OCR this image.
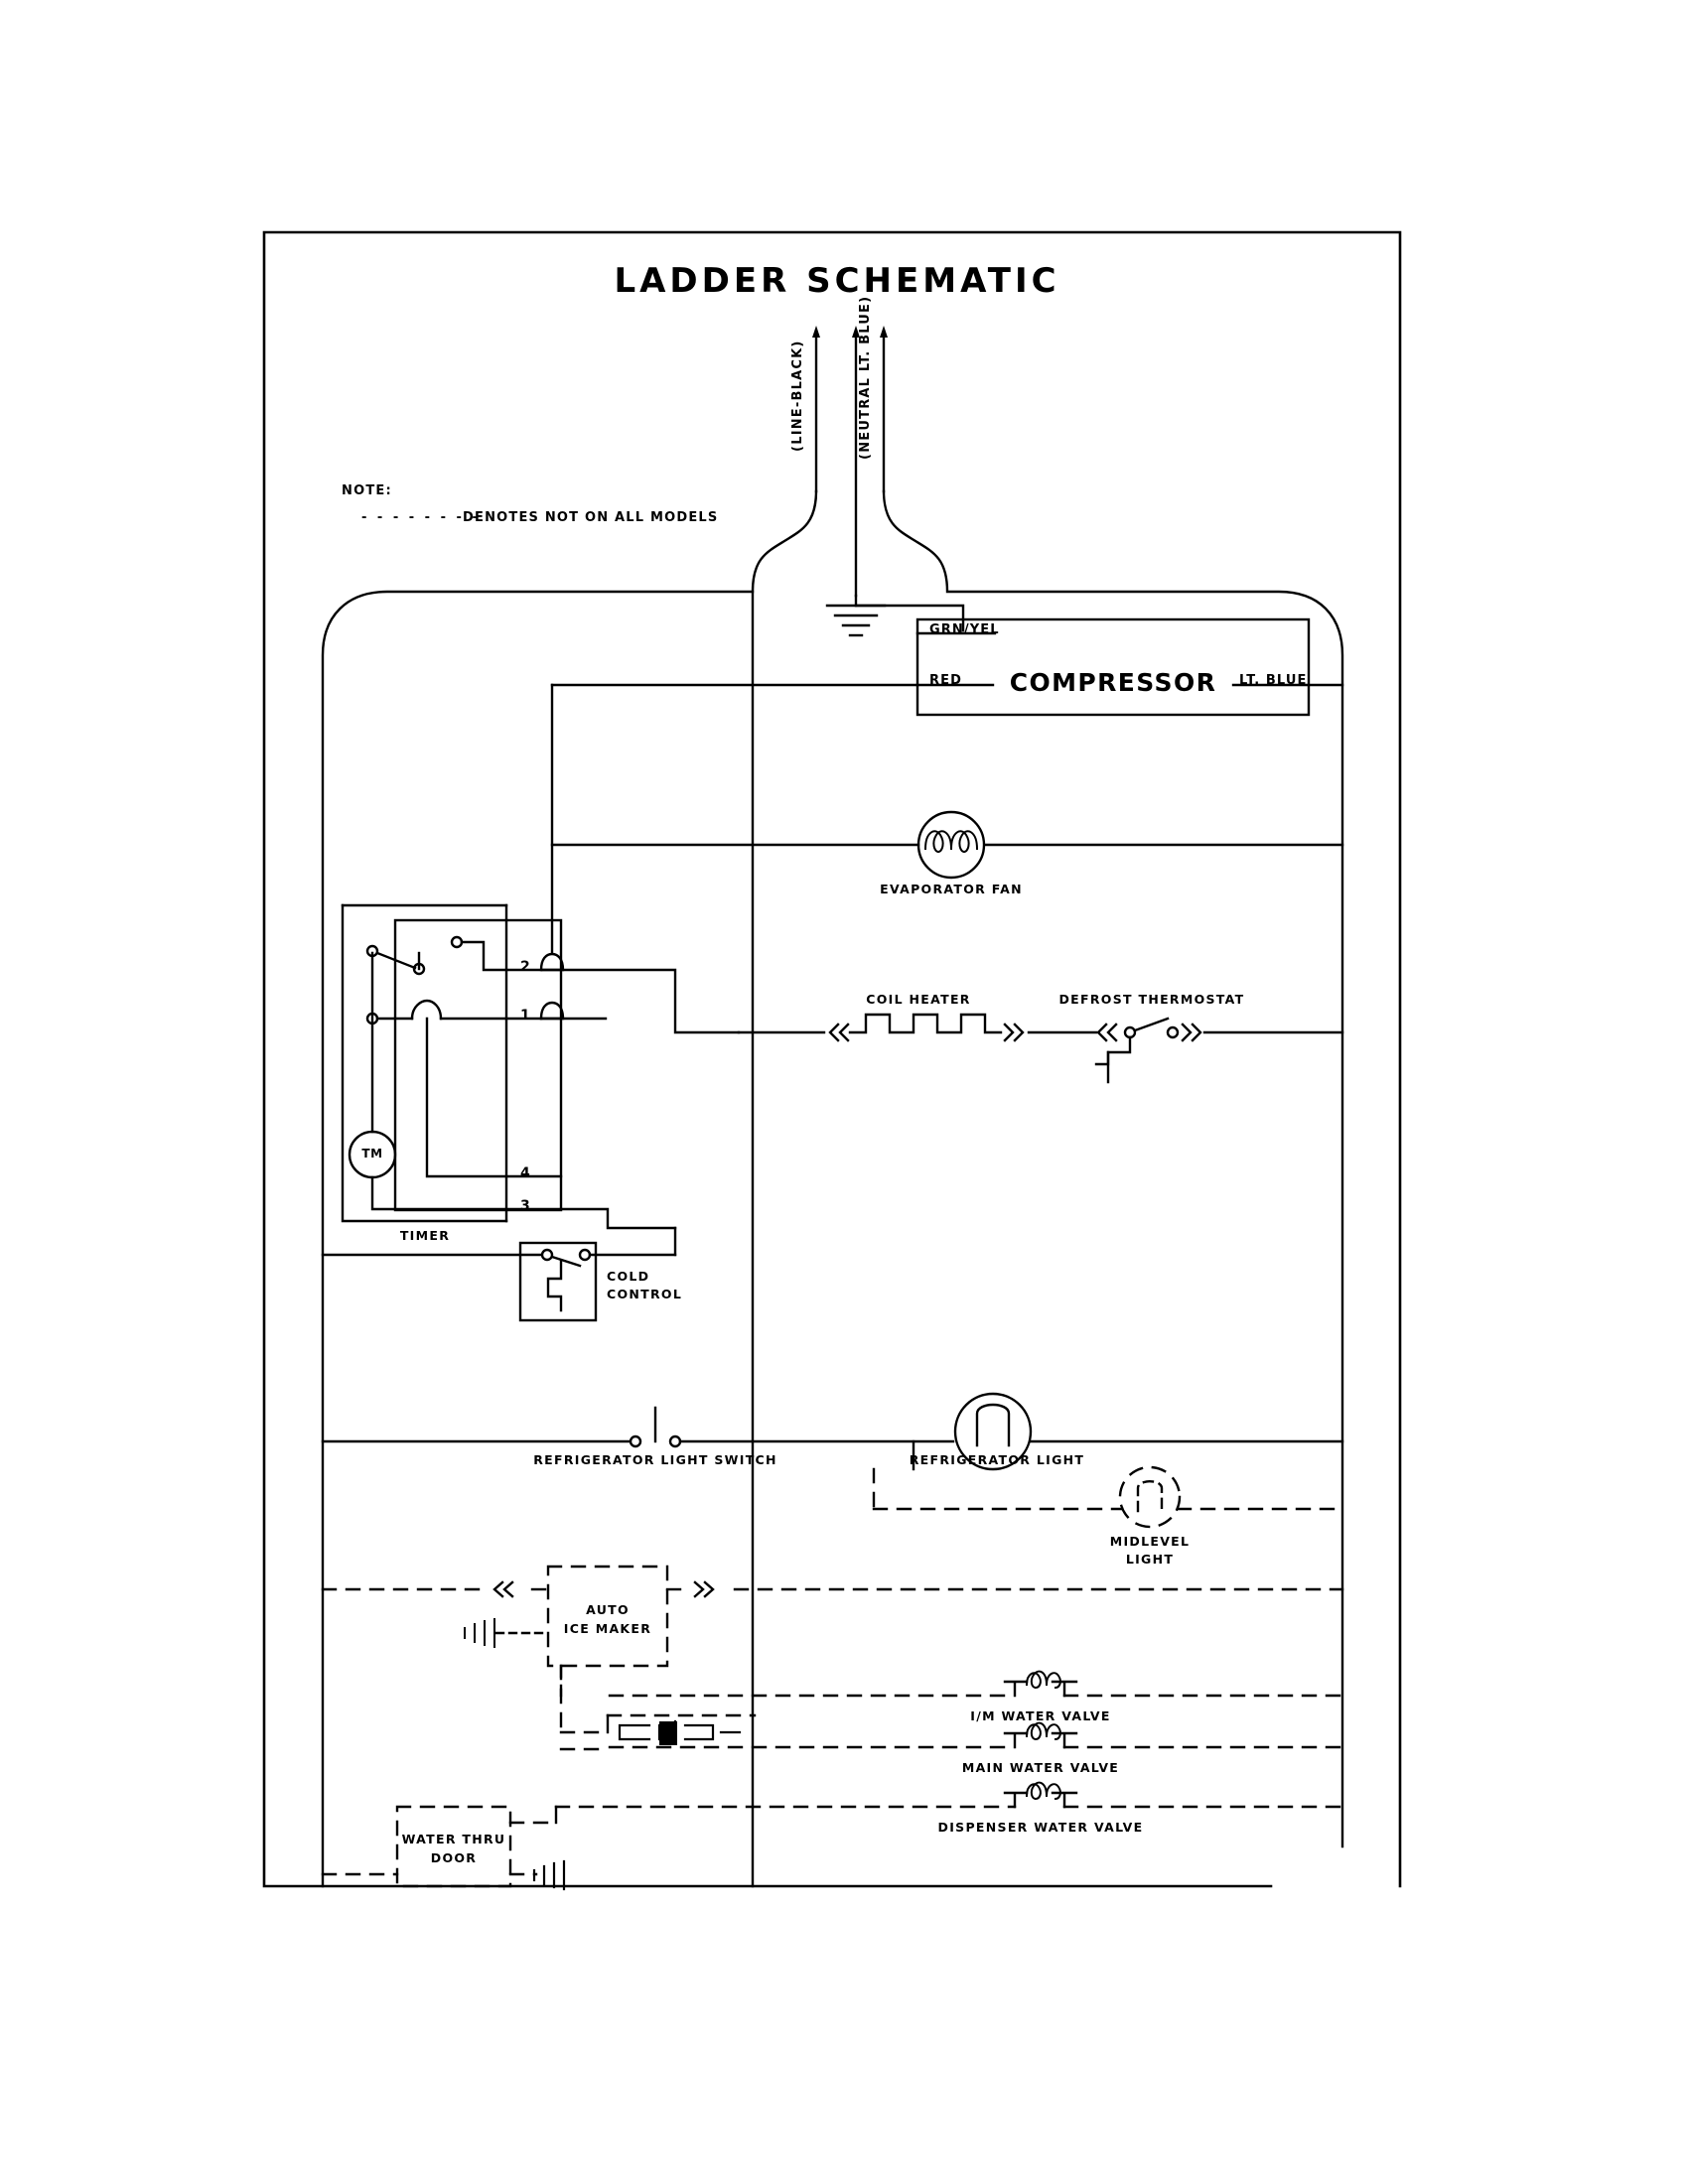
LADDER SCHEMATIC
(LINE-BLACK)	(NEUTRAL LT. BLUE)
NOTE:
- - - - - - - -
DENOTES NOT ON ALL MODELS
GRN/YEL
RED COMPRESSOR LT. BLUE
EVAPORATOR FAN
TM
TIMER
2
1
4
3
COIL HEATER	DEFROST THERMOSTAT
COLD
CONTROL
REFRIGERATOR LIGHT SWITCH	REFRIGERATOR LIGHT
MIDLEVEL
LIGHT
AUTO
ICE MAKER
I/M WATER VALVE
MAIN WATER VALVE
DISPENSER WATER VALVE
WATER THRU
DOOR
